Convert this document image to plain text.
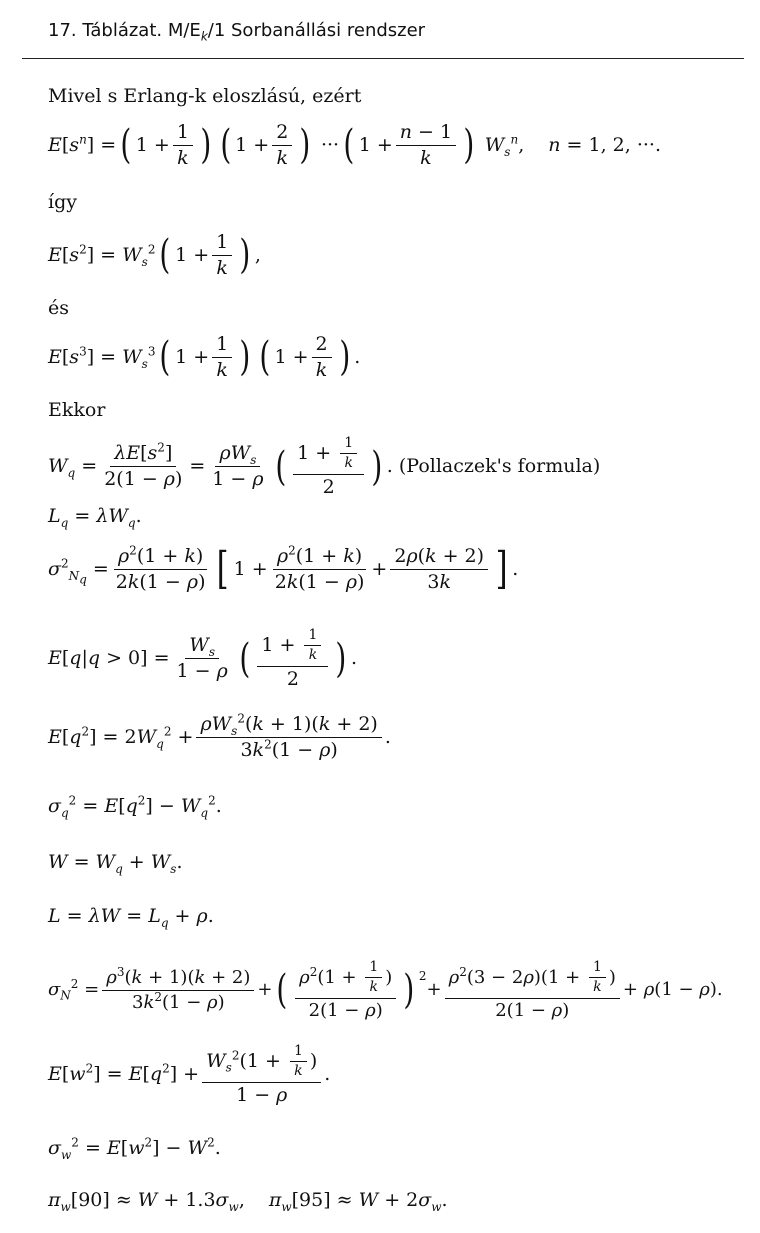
17. Táblázat. $M/E_k/1$ Sorbanállási rendszer
Mivel s Erlang-k eloszlású, ezért
$E[s^n]$ = ( $1 + \frac{1}{k}$ ) ( $1 + \frac{2}{k}$ ) ··· ( $1 + \frac{n - 1}{k}$ ) $W_s^n$, n = 1, 2, ···.
így
$E[s^2] = W_s^2$ ( $1 + \frac{1}{k}$ ) ,
és
$E[s^3] = W_s^3$ ( $1 + \frac{1}{k}$ ) ( $1 + \frac{2}{k}$ ) .
Ekkor
$W_q = \frac{\lambda E[s^2]}{2(1 - \rho)} = \frac{\rho W_s}{1 - \rho}$ ( $\frac{1 + \frac{1}{k}}{2}$ ) . (Pollaczek's formula)
$L_q = \lambda W_q$.
$\sigma^2_{N_q} = \frac{\rho^2(1 + k)}{2k(1 - \rho)}$ [ $1 + \frac{\rho^2(1 + k)}{2k(1 - \rho)} + \frac{2\rho(k + 2)}{3k}$ ] .
$E[q|q > 0] = \frac{W_s}{1 - \rho}$ ( $\frac{1 + \frac{1}{k}}{2}$ ) .
$E[q^2] = 2W_q^2 + \frac{\rho W_s^2(k + 1)(k + 2)}{3k^2(1 - \rho)}$ .
$\sigma_q^2 = E[q^2] - W_q^2$.
$W = W_q + W_s$.
$L = \lambda W = L_q + \rho$.
$\sigma_N^2 = \frac{\rho^3(k + 1)(k + 2)}{3k^2(1 - \rho)}$ + ( $\frac{\rho^2(1 + \frac{1}{k} )}{2(1 - \rho)}$ ) $^2$
+ $\frac{\rho^2(3 - 2\rho)(1 + \frac{1}{k} )}{2(1 - \rho)} + \rho(1 - \rho)$.
$E[w^2] = E[q^2] + \frac{W_s^2(1 + \frac{1}{k} )}{1 - \rho}$ .
$\sigma_w^2 = E[w^2] - W^2$.
$\pi_w[90] \approx W + 1.3\sigma_w$, $\pi_w[95] \approx W + 2\sigma_w$.
